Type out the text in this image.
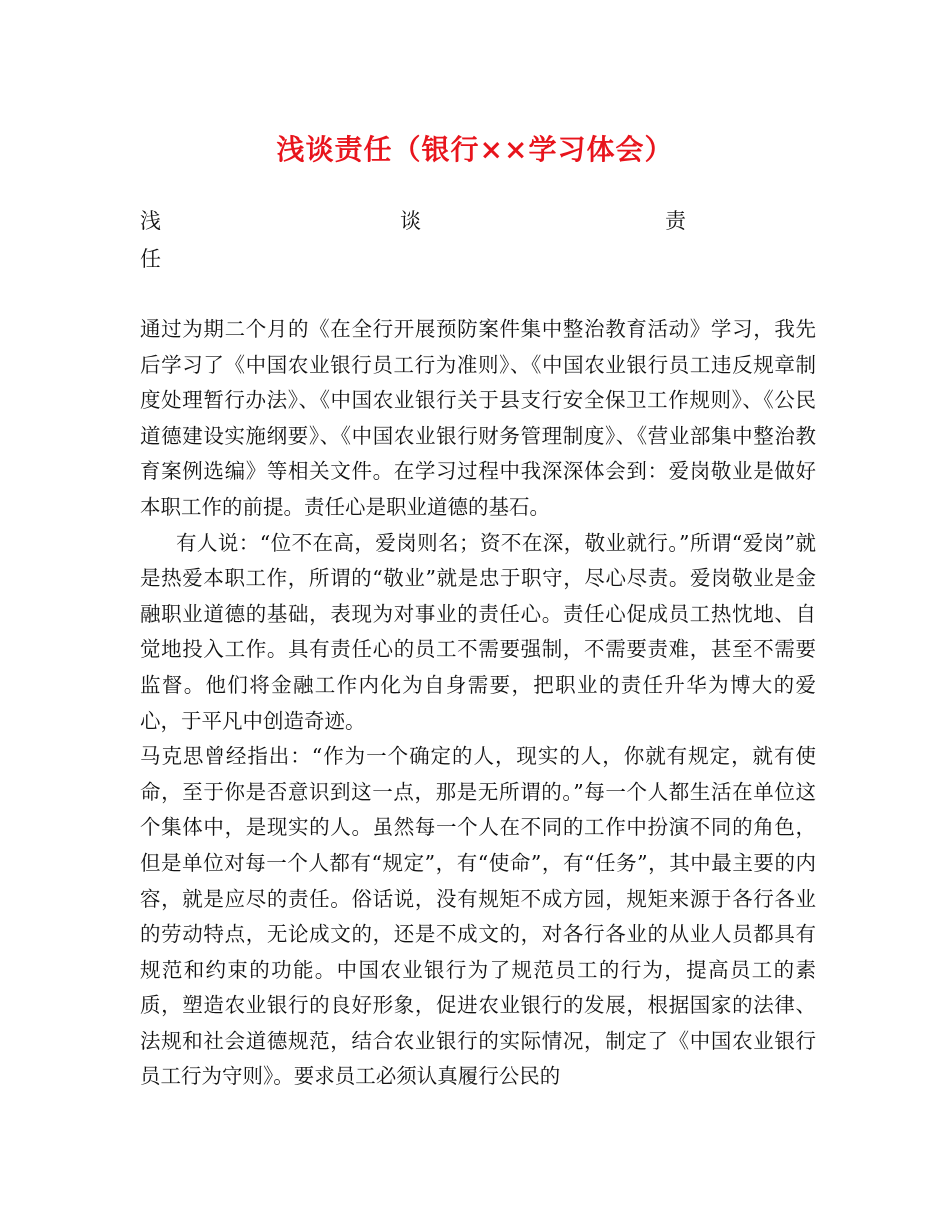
浅谈责任（银行××学习体会）
浅	谈	责
任

通过为期二个月的《在全行开展预防案件集中整治教育活动》学习，我先后学习了《中国农业银行员工行为准则》、《中国农业银行员工违反规章制度处理暂行办法》、《中国农业银行关于县支行安全保卫工作规则》、《公民道德建设实施纲要》、《中国农业银行财务管理制度》、《营业部集中整治教育案例选编》等相关文件。在学习过程中我深深体会到：爱岗敬业是做好本职工作的前提。责任心是职业道德的基石。

有人说：“位不在高，爱岗则名；资不在深，敬业就行。”所谓“爱岗”就是热爱本职工作，所谓的“敬业”就是忠于职守，尽心尽责。爱岗敬业是金融职业道德的基础，表现为对事业的责任心。责任心促成员工热忱地、自觉地投入工作。具有责任心的员工不需要强制，不需要责难，甚至不需要监督。他们将金融工作内化为自身需要，把职业的责任升华为博大的爱心，于平凡中创造奇迹。

马克思曾经指出：“作为一个确定的人，现实的人，你就有规定，就有使命，至于你是否意识到这一点，那是无所谓的。”每一个人都生活在单位这个集体中，是现实的人。虽然每一个人在不同的工作中扮演不同的角色，但是单位对每一个人都有“规定”，有“使命”，有“任务”，其中最主要的内容，就是应尽的责任。俗话说，没有规矩不成方园，规矩来源于各行各业的劳动特点，无论成文的，还是不成文的，对各行各业的从业人员都具有规范和约束的功能。中国农业银行为了规范员工的行为，提高员工的素质，塑造农业银行的良好形象，促进农业银行的发展，根据国家的法律、法规和社会道德规范，结合农业银行的实际情况，制定了《中国农业银行员工行为守则》。要求员工必须认真履行公民的
